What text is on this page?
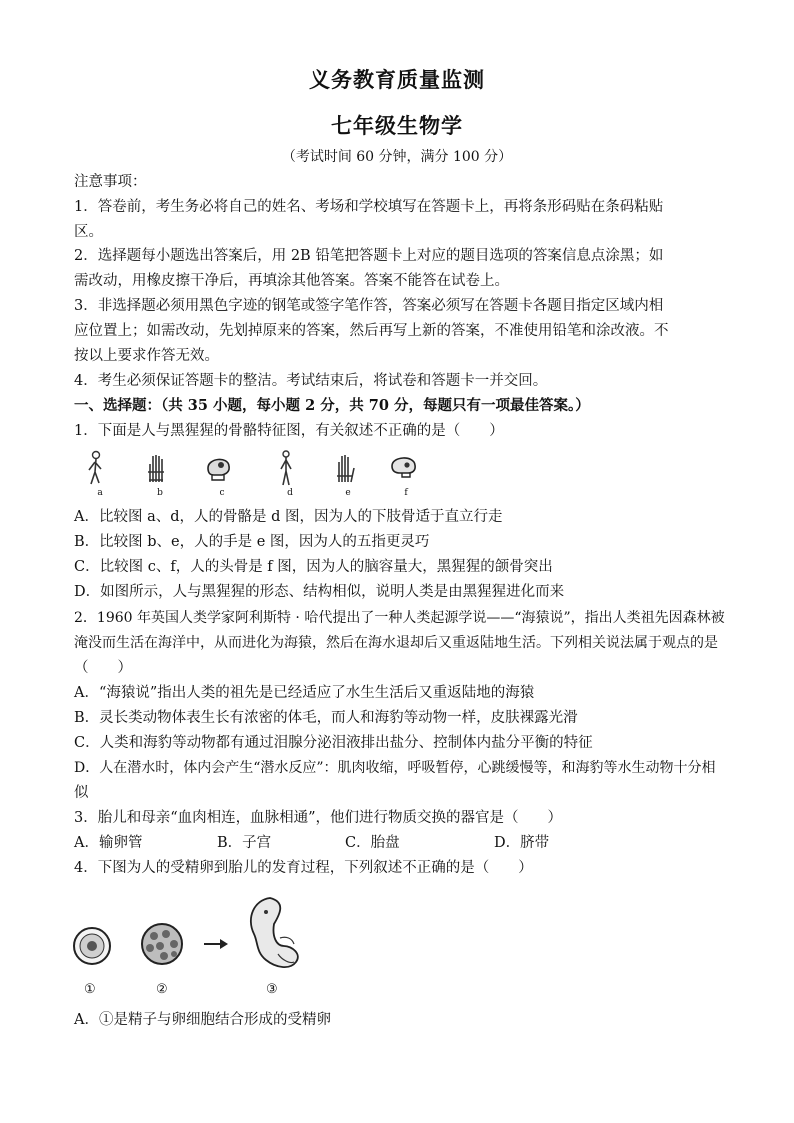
义务教育质量监测
七年级生物学
（考试时间 60 分钟，满分 100 分）
注意事项：
1．答卷前，考生务必将自己的姓名、考场和学校填写在答题卡上，再将条形码贴在条码粘贴
区。
2．选择题每小题选出答案后，用 2B 铅笔把答题卡上对应的题目选项的答案信息点涂黑；如
需改动，用橡皮擦干净后，再填涂其他答案。答案不能答在试卷上。
3．非选择题必须用黑色字迹的钢笔或签字笔作答，答案必须写在答题卡各题目指定区域内相
应位置上；如需改动，先划掉原来的答案，然后再写上新的答案，不准使用铅笔和涂改液。不
按以上要求作答无效。
4．考生必须保证答题卡的整洁。考试结束后，将试卷和答题卡一并交回。
一、选择题：（共 35 小题，每小题 2 分，共 70 分，每题只有一项最佳答案。）
1．下面是人与黑猩猩的骨骼特征图，有关叙述不正确的是（　　）
a	b	c	d	e	f
A．比较图 a、d，人的骨骼是 d 图，因为人的下肢骨适于直立行走
B．比较图 b、e，人的手是 e 图，因为人的五指更灵巧
C．比较图 c、f，人的头骨是 f 图，因为人的脑容量大，黑猩猩的颌骨突出
D．如图所示，人与黑猩猩的形态、结构相似，说明人类是由黑猩猩进化而来
2．1960 年英国人类学家阿利斯特 · 哈代提出了一种人类起源学说——“海猿说”，指出人类祖先因森林被
淹没而生活在海洋中，从而进化为海猿，然后在海水退却后又重返陆地生活。下列相关说法属于观点的是
（　　）
A．“海猿说”指出人类的祖先是已经适应了水生生活后又重返陆地的海猿
B．灵长类动物体表生长有浓密的体毛，而人和海豹等动物一样，皮肤裸露光滑
C．人类和海豹等动物都有通过泪腺分泌泪液排出盐分、控制体内盐分平衡的特征
D．人在潜水时，体内会产生“潜水反应”：肌肉收缩，呼吸暂停，心跳缓慢等，和海豹等水生动物十分相
似
3．胎儿和母亲“血肉相连，血脉相通”，他们进行物质交换的器官是（　　）
A．输卵管	B．子宫	C．胎盘	D．脐带
4．下图为人的受精卵到胎儿的发育过程，下列叙述不正确的是（　　）
①	②	③
A．①是精子与卵细胞结合形成的受精卵
